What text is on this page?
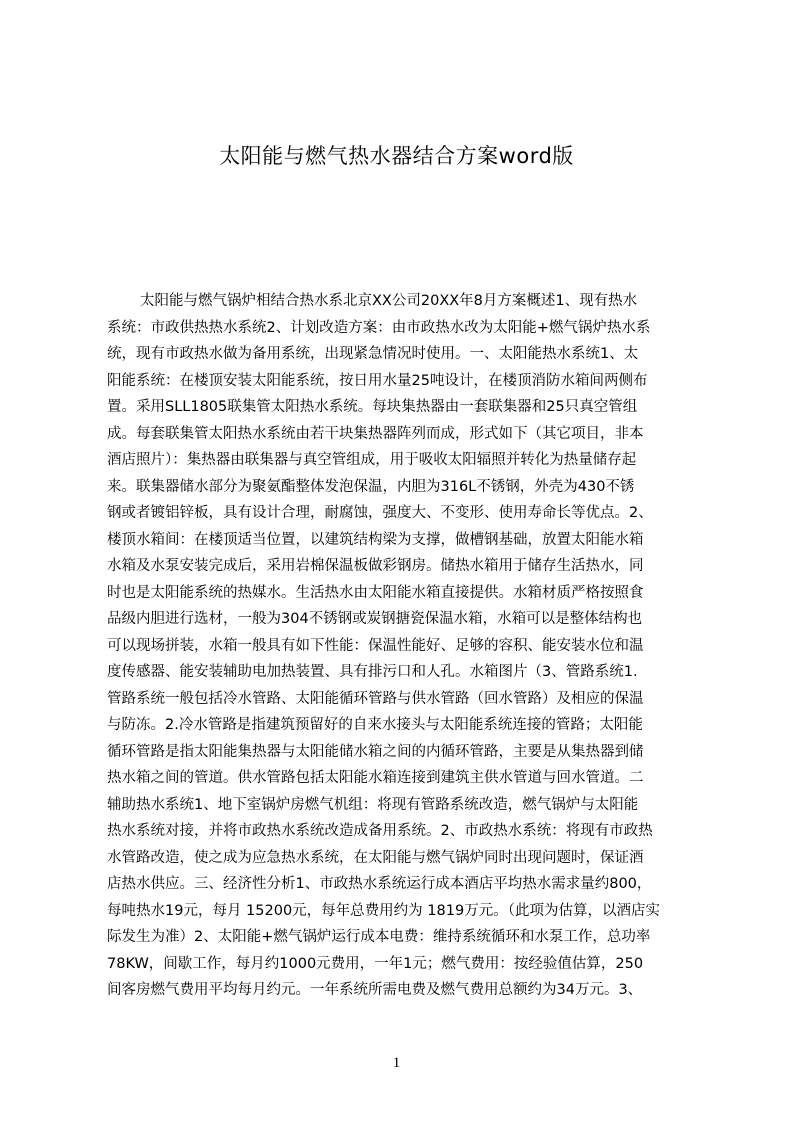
太阳能与燃气热水器结合方案word版
太阳能与燃气锅炉相结合热水系北京XX公司20XX年8月方案概述1、现有热水
系统：市政供热热水系统2、计划改造方案：由市政热水改为太阳能+燃气锅炉热水系
统，现有市政热水做为备用系统，出现紧急情况时使用。一、太阳能热水系统1、太
阳能系统：在楼顶安装太阳能系统，按日用水量25吨设计，在楼顶消防水箱间两侧布
置。采用SLL1805联集管太阳热水系统。每块集热器由一套联集器和25只真空管组
成。每套联集管太阳热水系统由若干块集热器阵列而成，形式如下（其它项目，非本
酒店照片）：集热器由联集器与真空管组成，用于吸收太阳辐照并转化为热量储存起
来。联集器储水部分为聚氨酯整体发泡保温，内胆为316L不锈钢，外壳为430不锈
钢或者镀铝锌板，具有设计合理，耐腐蚀，强度大、不变形、使用寿命长等优点。2、
楼顶水箱间：在楼顶适当位置，以建筑结构梁为支撑，做槽钢基础，放置太阳能水箱
水箱及水泵安装完成后，采用岩棉保温板做彩钢房。储热水箱用于储存生活热水，同
时也是太阳能系统的热媒水。生活热水由太阳能水箱直接提供。水箱材质严格按照食
品级内胆进行选材，一般为304不锈钢或炭钢搪瓷保温水箱，水箱可以是整体结构也
可以现场拼装，水箱一般具有如下性能：保温性能好、足够的容积、能安装水位和温
度传感器、能安装辅助电加热装置、具有排污口和人孔。水箱图片（3、管路系统1.
管路系统一般包括冷水管路、太阳能循环管路与供水管路（回水管路）及相应的保温
与防冻。2.冷水管路是指建筑预留好的自来水接头与太阳能系统连接的管路；太阳能
循环管路是指太阳能集热器与太阳能储水箱之间的内循环管路，主要是从集热器到储
热水箱之间的管道。供水管路包括太阳能水箱连接到建筑主供水管道与回水管道。二
辅助热水系统1、地下室锅炉房燃气机组：将现有管路系统改造，燃气锅炉与太阳能
热水系统对接，并将市政热水系统改造成备用系统。2、市政热水系统：将现有市政热
水管路改造，使之成为应急热水系统，在太阳能与燃气锅炉同时出现问题时，保证酒
店热水供应。三、经济性分析1、市政热水系统运行成本酒店平均热水需求量约800，
每吨热水19元，每月 15200元，每年总费用约为 1819万元。（此项为估算，以酒店实
际发生为准）2、太阳能+燃气锅炉运行成本电费：维持系统循环和水泵工作，总功率
78KW，间歇工作，每月约1000元费用，一年1元；燃气费用：按经验值估算，250
间客房燃气费用平均每月约元。一年系统所需电费及燃气费用总额约为34万元。3、
1
